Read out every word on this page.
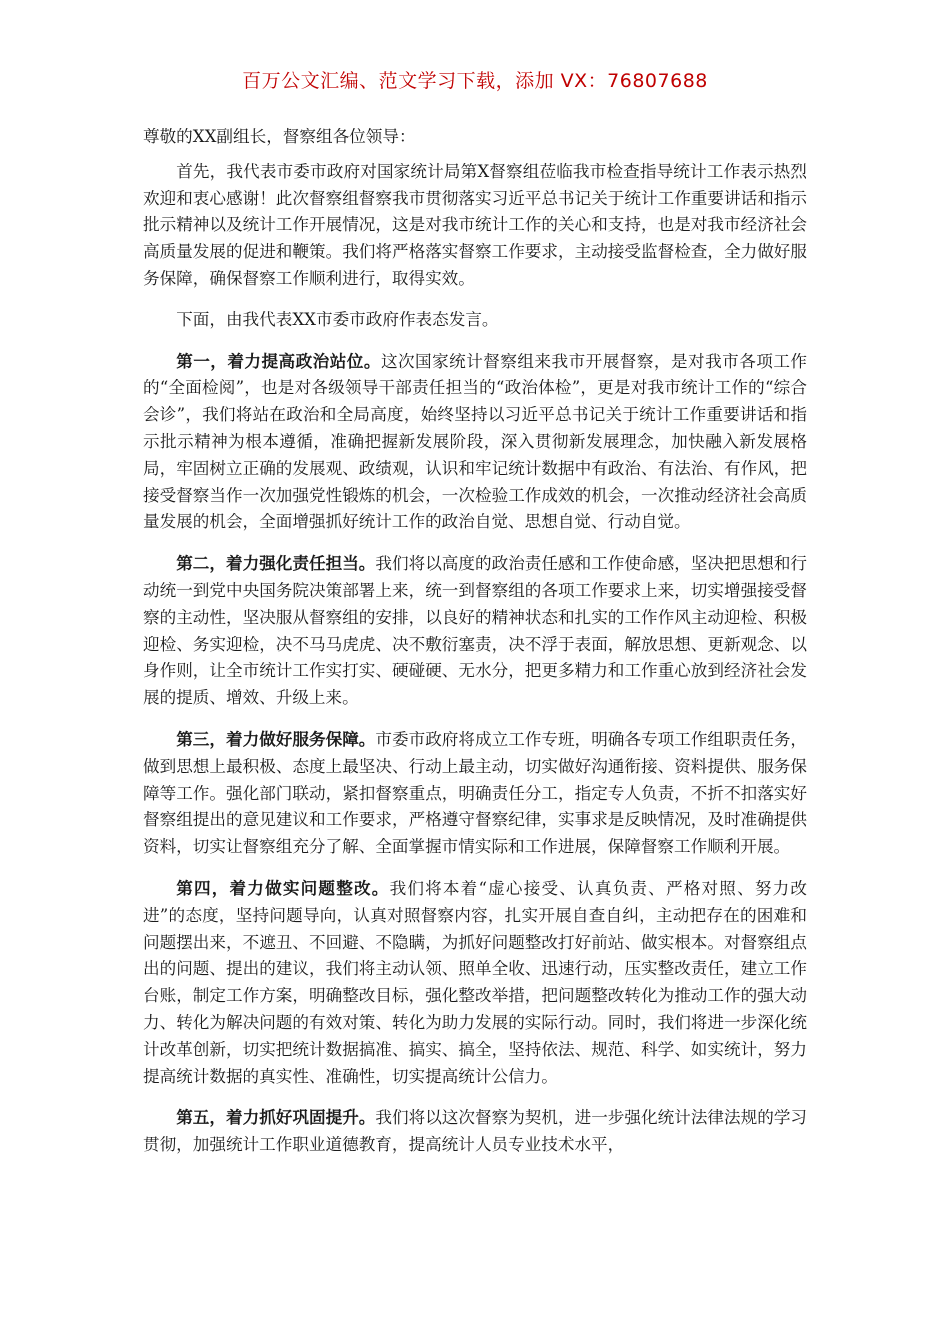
百万公文汇编、范文学习下载，添加 VX：76807688

尊敬的XX副组长，督察组各位领导：

首先，我代表市委市政府对国家统计局第X督察组莅临我市检查指导统计工作表示热烈欢迎和衷心感谢！此次督察组督察我市贯彻落实习近平总书记关于统计工作重要讲话和指示批示精神以及统计工作开展情况，这是对我市统计工作的关心和支持，也是对我市经济社会高质量发展的促进和鞭策。我们将严格落实督察工作要求，主动接受监督检查，全力做好服务保障，确保督察工作顺利进行，取得实效。

下面，由我代表XX市委市政府作表态发言。

第一，着力提高政治站位。这次国家统计督察组来我市开展督察，是对我市各项工作的“全面检阅”，也是对各级领导干部责任担当的“政治体检”，更是对我市统计工作的“综合会诊”，我们将站在政治和全局高度，始终坚持以习近平总书记关于统计工作重要讲话和指示批示精神为根本遵循，准确把握新发展阶段，深入贯彻新发展理念，加快融入新发展格局，牢固树立正确的发展观、政绩观，认识和牢记统计数据中有政治、有法治、有作风，把接受督察当作一次加强党性锻炼的机会，一次检验工作成效的机会，一次推动经济社会高质量发展的机会，全面增强抓好统计工作的政治自觉、思想自觉、行动自觉。

第二，着力强化责任担当。我们将以高度的政治责任感和工作使命感，坚决把思想和行动统一到党中央国务院决策部署上来，统一到督察组的各项工作要求上来，切实增强接受督察的主动性，坚决服从督察组的安排，以良好的精神状态和扎实的工作作风主动迎检、积极迎检、务实迎检，决不马马虎虎、决不敷衍塞责，决不浮于表面，解放思想、更新观念、以身作则，让全市统计工作实打实、硬碰硬、无水分，把更多精力和工作重心放到经济社会发展的提质、增效、升级上来。

第三，着力做好服务保障。市委市政府将成立工作专班，明确各专项工作组职责任务，做到思想上最积极、态度上最坚决、行动上最主动，切实做好沟通衔接、资料提供、服务保障等工作。强化部门联动，紧扣督察重点，明确责任分工，指定专人负责，不折不扣落实好督察组提出的意见建议和工作要求，严格遵守督察纪律，实事求是反映情况，及时准确提供资料，切实让督察组充分了解、全面掌握市情实际和工作进展，保障督察工作顺利开展。

第四，着力做实问题整改。我们将本着“虚心接受、认真负责、严格对照、努力改进”的态度，坚持问题导向，认真对照督察内容，扎实开展自查自纠，主动把存在的困难和问题摆出来，不遮丑、不回避、不隐瞒，为抓好问题整改打好前站、做实根本。对督察组点出的问题、提出的建议，我们将主动认领、照单全收、迅速行动，压实整改责任，建立工作台账，制定工作方案，明确整改目标，强化整改举措，把问题整改转化为推动工作的强大动力、转化为解决问题的有效对策、转化为助力发展的实际行动。同时，我们将进一步深化统计改革创新，切实把统计数据搞准、搞实、搞全，坚持依法、规范、科学、如实统计，努力提高统计数据的真实性、准确性，切实提高统计公信力。

第五，着力抓好巩固提升。我们将以这次督察为契机，进一步强化统计法律法规的学习贯彻，加强统计工作职业道德教育，提高统计人员专业技术水平，
